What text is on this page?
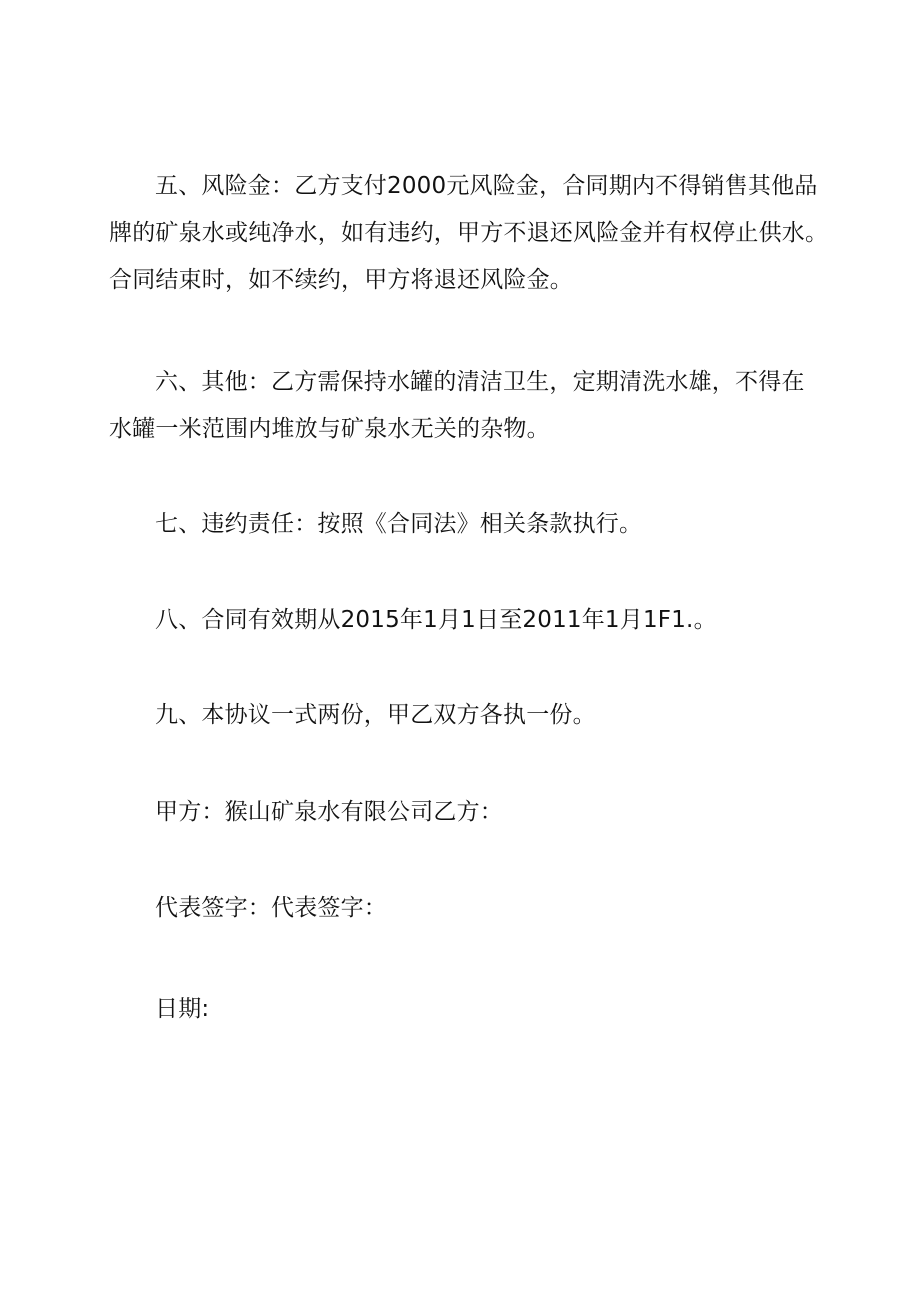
五、风险金：乙方支付2000元风险金，合同期内不得销售其他品
牌的矿泉水或纯净水，如有违约，甲方不退还风险金并有权停止供水。
合同结束时，如不续约，甲方将退还风险金。
六、其他：乙方需保持水罐的清洁卫生，定期清洗水雄，不得在
水罐一米范围内堆放与矿泉水无关的杂物。

七、违约责任：按照《合同法》相关条款执行。

八、合同有效期从2015年1月1日至2011年1月1F1.。

九、本协议一式两份，甲乙双方各执一份。

甲方：猴山矿泉水有限公司乙方：

代表签字：代表签字：

日期:
